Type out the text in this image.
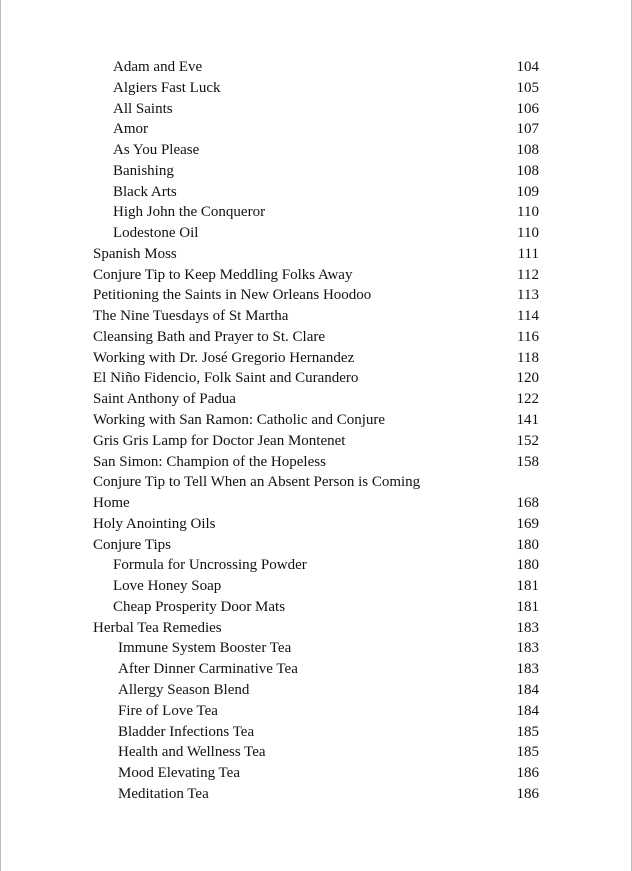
Adam and Eve	104
Algiers Fast Luck	105
All Saints	106
Amor	107
As You Please	108
Banishing	108
Black Arts	109
High John the Conqueror	110
Lodestone Oil	110
Spanish Moss	111
Conjure Tip to Keep Meddling Folks Away	112
Petitioning the Saints in New Orleans Hoodoo	113
The Nine Tuesdays of St Martha	114
Cleansing Bath and Prayer to St. Clare	116
Working with Dr. José Gregorio Hernandez	118
El Niño Fidencio, Folk Saint and Curandero	120
Saint Anthony of Padua	122
Working with San Ramon: Catholic and Conjure	141
Gris Gris Lamp for Doctor Jean Montenet	152
San Simon: Champion of the Hopeless	158
Conjure Tip to Tell When an Absent Person is Coming Home	168
Holy Anointing Oils	169
Conjure Tips	180
Formula for Uncrossing Powder	180
Love Honey Soap	181
Cheap Prosperity Door Mats	181
Herbal Tea Remedies	183
Immune System Booster Tea	183
After Dinner Carminative Tea	183
Allergy Season Blend	184
Fire of Love Tea	184
Bladder Infections Tea	185
Health and Wellness Tea	185
Mood Elevating Tea	186
Meditation Tea	186
